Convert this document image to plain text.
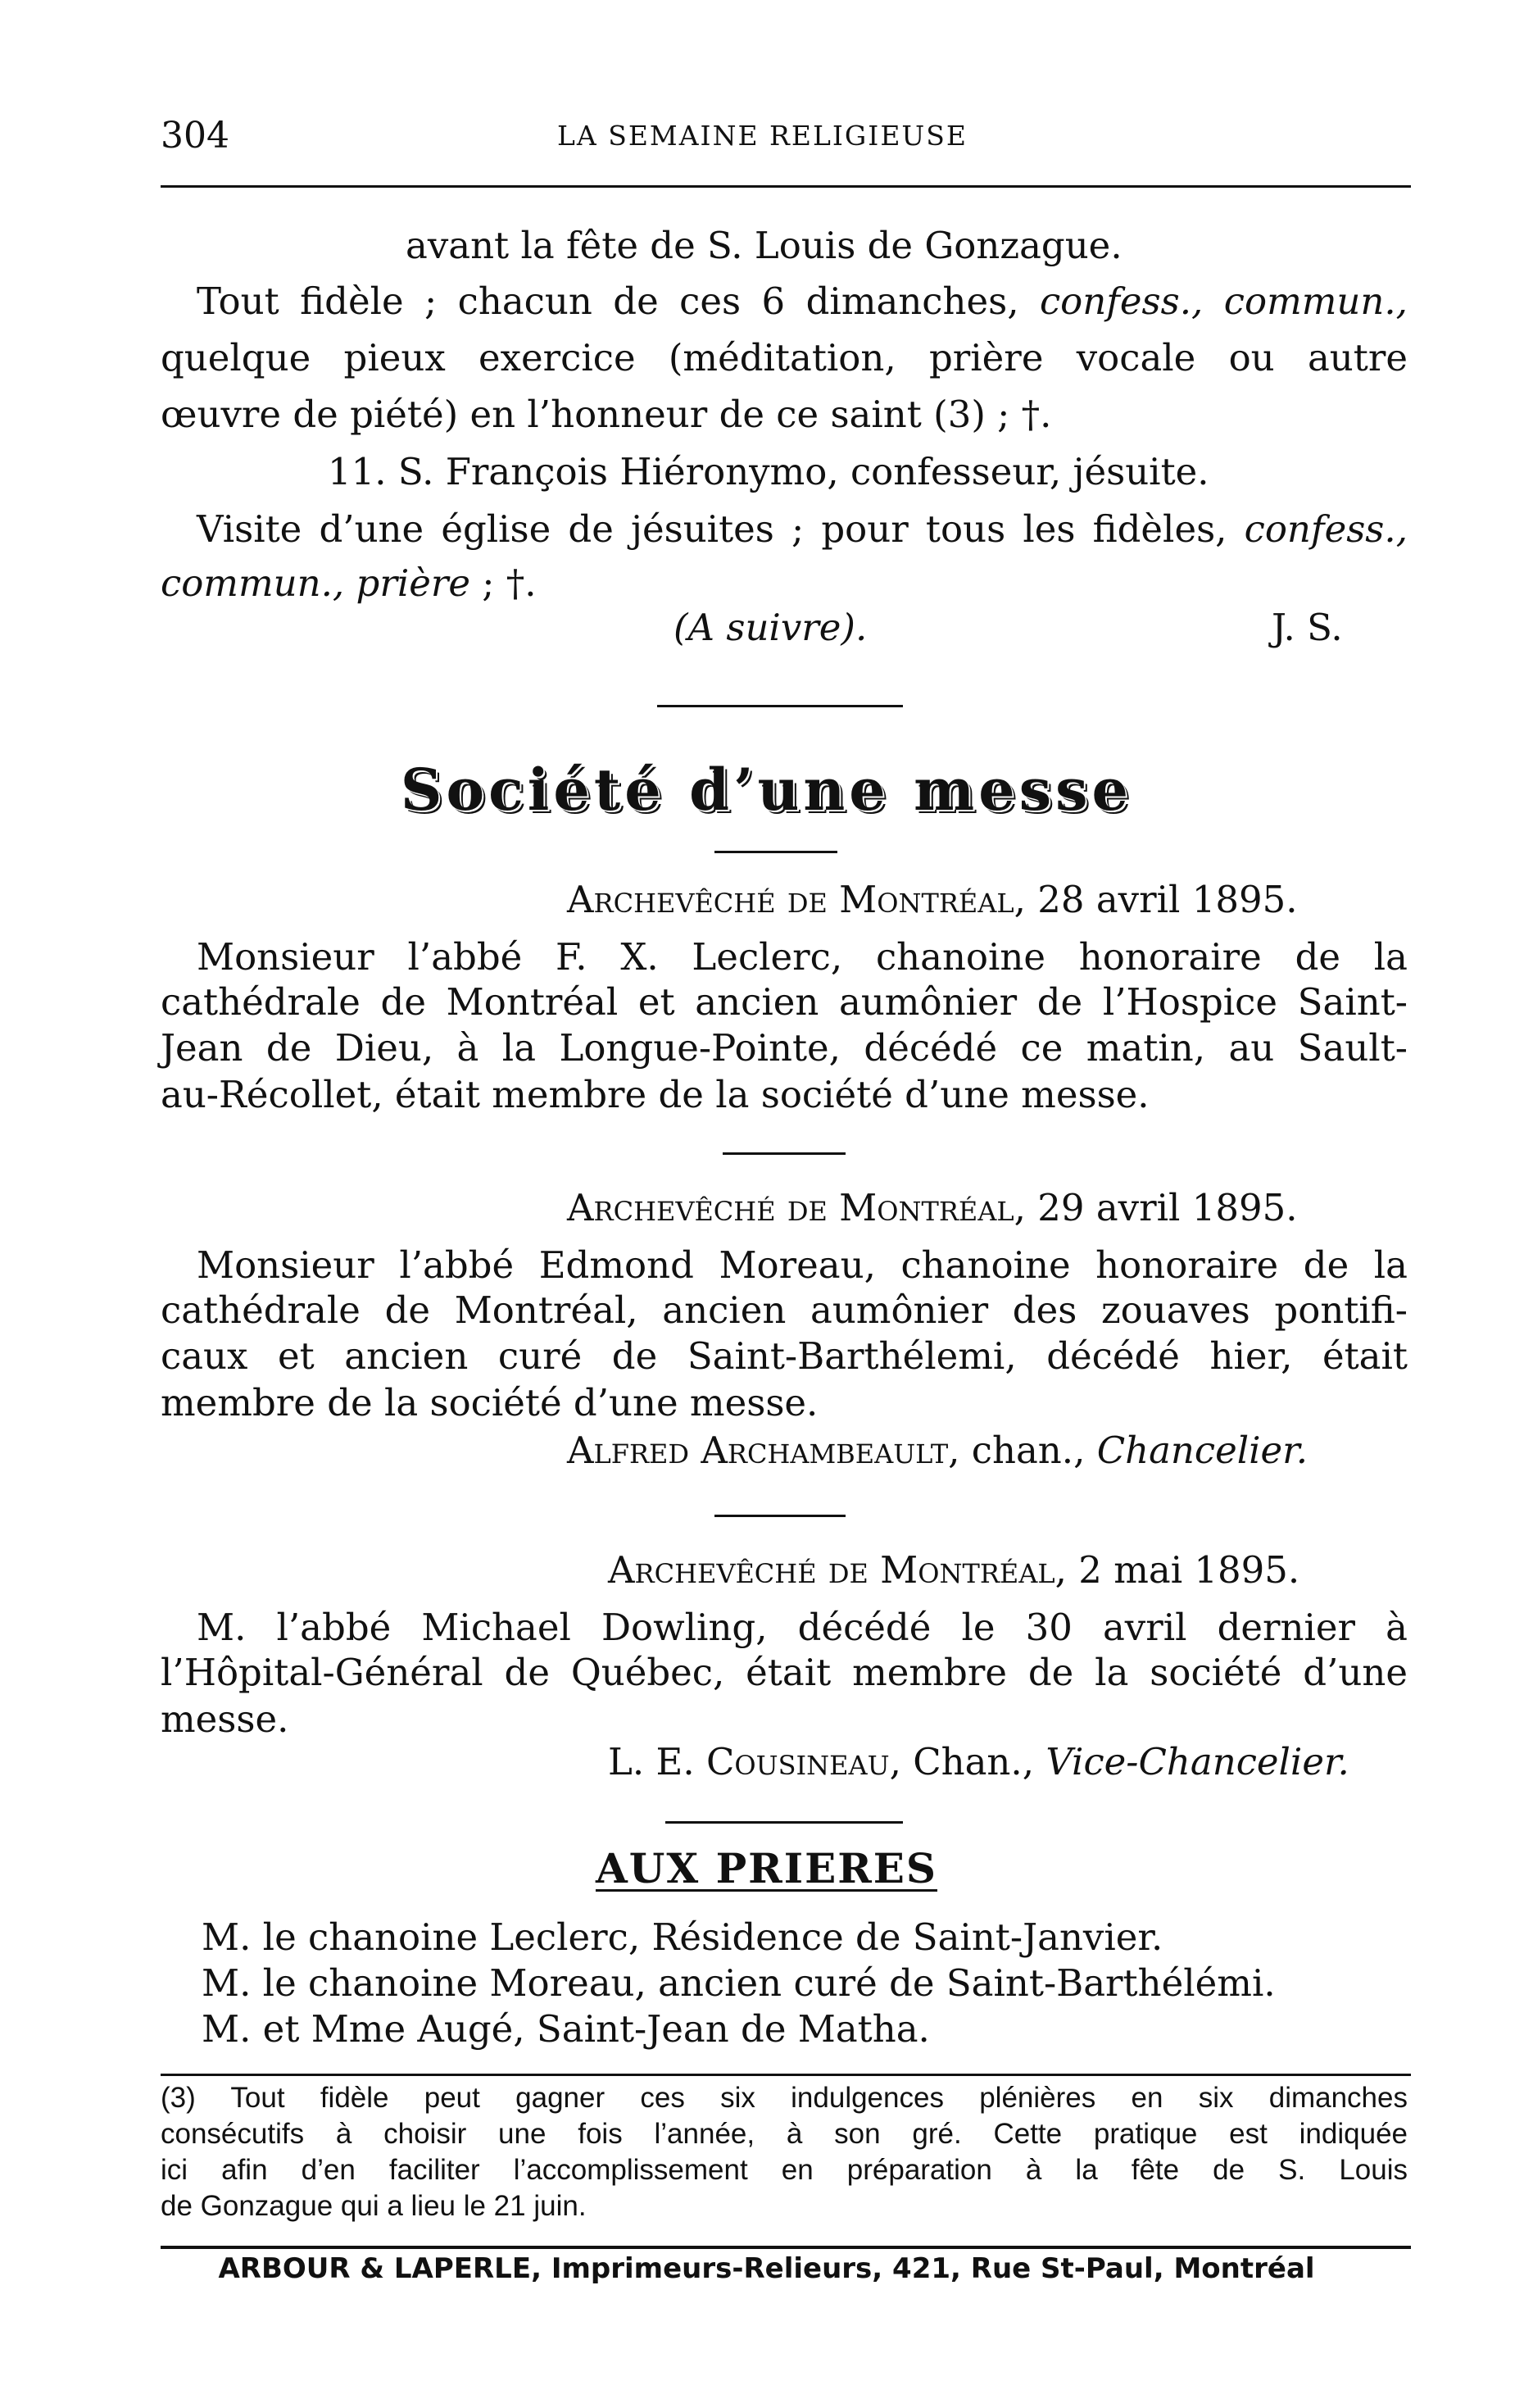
304	LA SEMAINE RELIGIEUSE
avant la fête de S. Louis de Gonzague.
Tout fidèle ; chacun de ces 6 dimanches, confess., commun.,
quelque pieux exercice (méditation, prière vocale ou autre
œuvre de piété) en l’honneur de ce saint (3) ; †.
11. S. François Hiéronymo, confesseur, jésuite.
Visite d’une église de jésuites ; pour tous les fidèles, confess.,
commun., prière ; †.
(A suivre).	J. S.
Société d’une messe
Archevêché de Montréal, 28 avril 1895.
Monsieur l’abbé F. X. Leclerc, chanoine honoraire de la
cathédrale de Montréal et ancien aumônier de l’Hospice Saint-
Jean de Dieu, à la Longue-Pointe, décédé ce matin, au Sault-
au-Récollet, était membre de la société d’une messe.
Archevêché de Montréal, 29 avril 1895.
Monsieur l’abbé Edmond Moreau, chanoine honoraire de la
cathédrale de Montréal, ancien aumônier des zouaves pontifi-
caux et ancien curé de Saint-Barthélemi, décédé hier, était
membre de la société d’une messe.
Alfred Archambeault, chan., Chancelier.
Archevêché de Montréal, 2 mai 1895.
M. l’abbé Michael Dowling, décédé le 30 avril dernier à
l’Hôpital-Général de Québec, était membre de la société d’une
messe.
L. E. Cousineau, Chan., Vice-Chancelier.
AUX PRIERES
M. le chanoine Leclerc, Résidence de Saint-Janvier.
M. le chanoine Moreau, ancien curé de Saint-Barthélémi.
M. et Mme Augé, Saint-Jean de Matha.
(3) Tout fidèle peut gagner ces six indulgences plénières en six dimanches
consécutifs à choisir une fois l’année, à son gré. Cette pratique est indiquée
ici afin d’en faciliter l’accomplissement en préparation à la fête de S. Louis
de Gonzague qui a lieu le 21 juin.
ARBOUR & LAPERLE, Imprimeurs-Relieurs, 421, Rue St-Paul, Montréal
